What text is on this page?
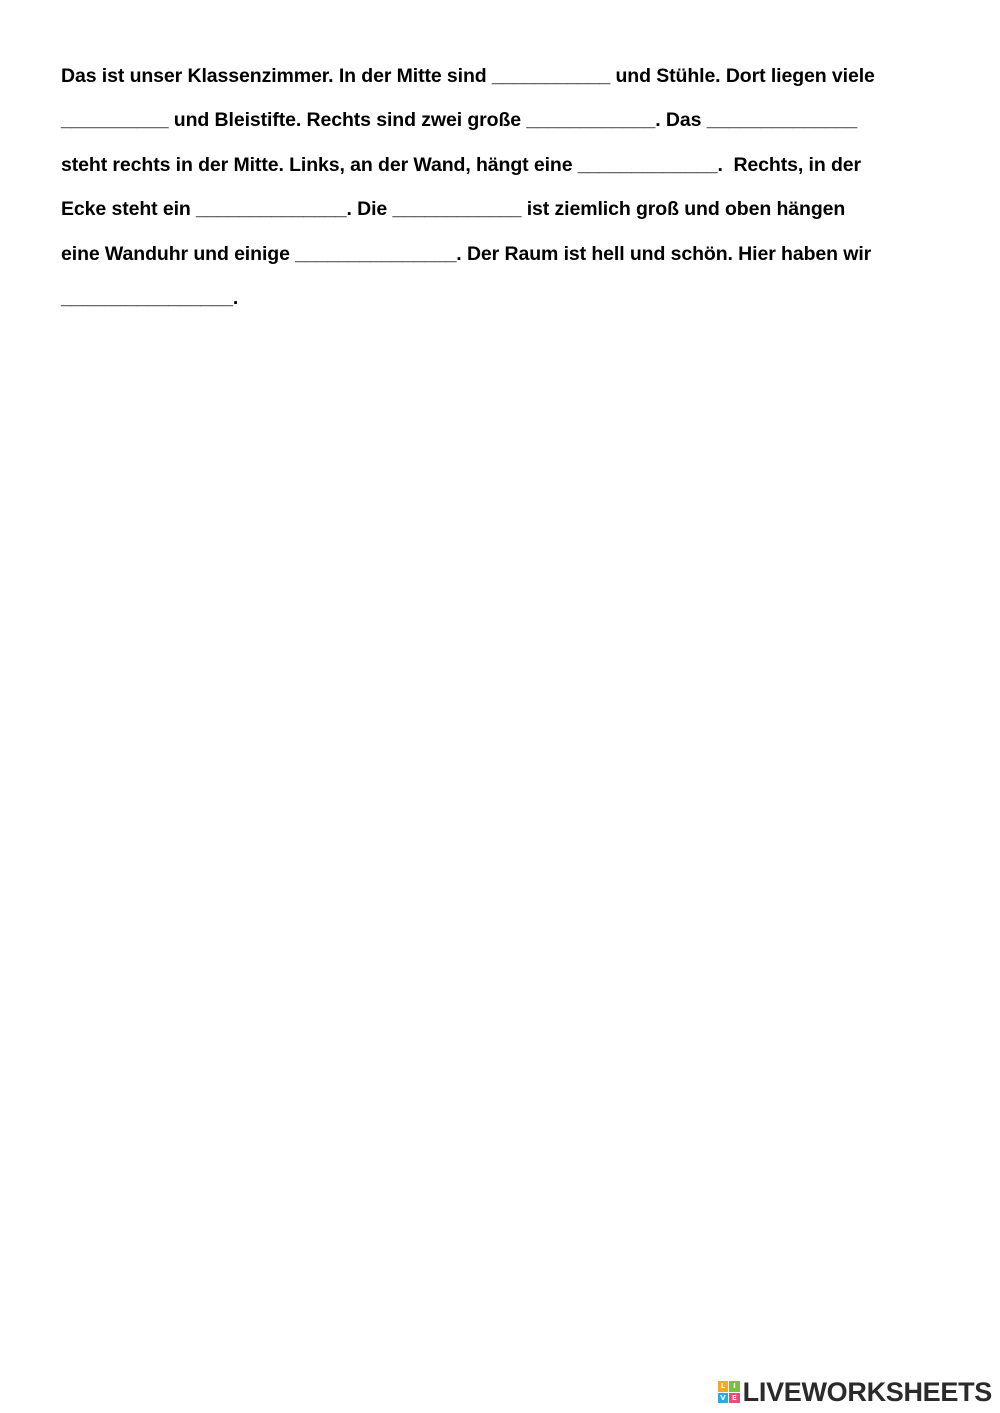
Das ist unser Klassenzimmer. In der Mitte sind ___________ und Stühle. Dort liegen viele
__________ und Bleistifte. Rechts sind zwei große ____________. Das ______________
steht rechts in der Mitte. Links, an der Wand, hängt eine _____________.  Rechts, in der
Ecke steht ein ______________. Die ____________ ist ziemlich groß und oben hängen
eine Wanduhr und einige _______________. Der Raum ist hell und schön. Hier haben wir
________________.
L	I
V E LIVEWORKSHEETS
